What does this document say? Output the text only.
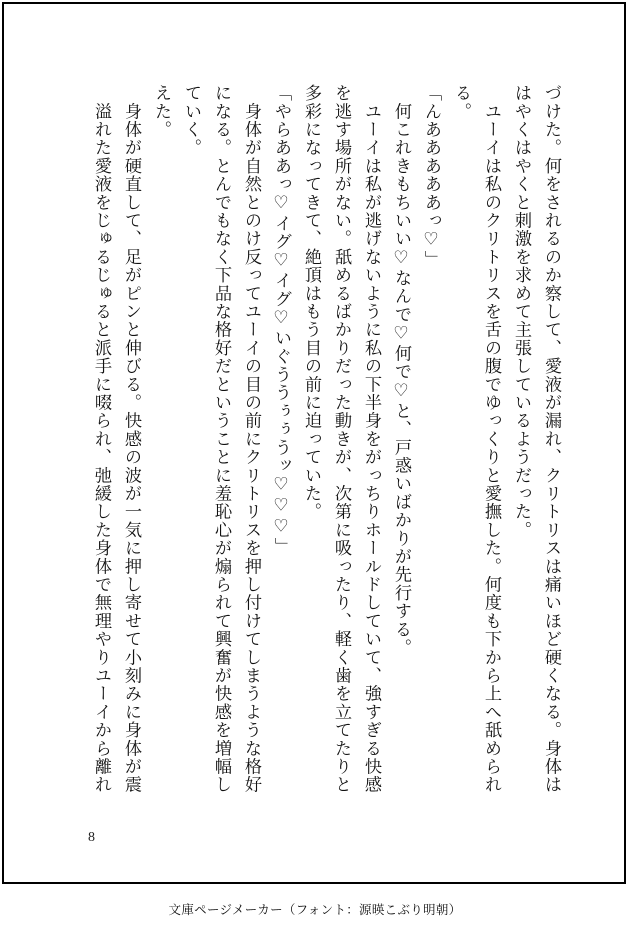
づけた。何をされるのか察して、愛液が漏れ、クリトリスは痛いほど硬くなる。身体は
はやくはやくと刺激を求めて主張しているようだった。
　ユーイは私のクリトリスを舌の腹でゆっくりと愛撫した。何度も下から上へ舐められ
る。
「んあああああっ♡」
　何これきもちいい♡なんで♡何で♡と、戸惑いばかりが先行する。
　ユーイは私が逃げないように私の下半身をがっちりホールドしていて、強すぎる快感
を逃す場所がない。舐めるばかりだった動きが、次第に吸ったり、軽く歯を立てたりと
多彩になってきて、絶頂はもう目の前に迫っていた。
「やらああっ♡イグ♡イグ♡いぐううぅぅうッ♡♡♡」
　身体が自然とのけ反ってユーイの目の前にクリトリスを押し付けてしまうような格好
になる。とんでもなく下品な格好だということに羞恥心が煽られて興奮が快感を増幅し
ていく。
えた。
　身体が硬直して、足がピンと伸びる。快感の波が一気に押し寄せて小刻みに身体が震
　溢れた愛液をじゅるじゅると派手に啜られ、弛緩した身体で無理やりユーイから離れ
8
文庫ページメーカー（フォント：源暎こぶり明朝）
